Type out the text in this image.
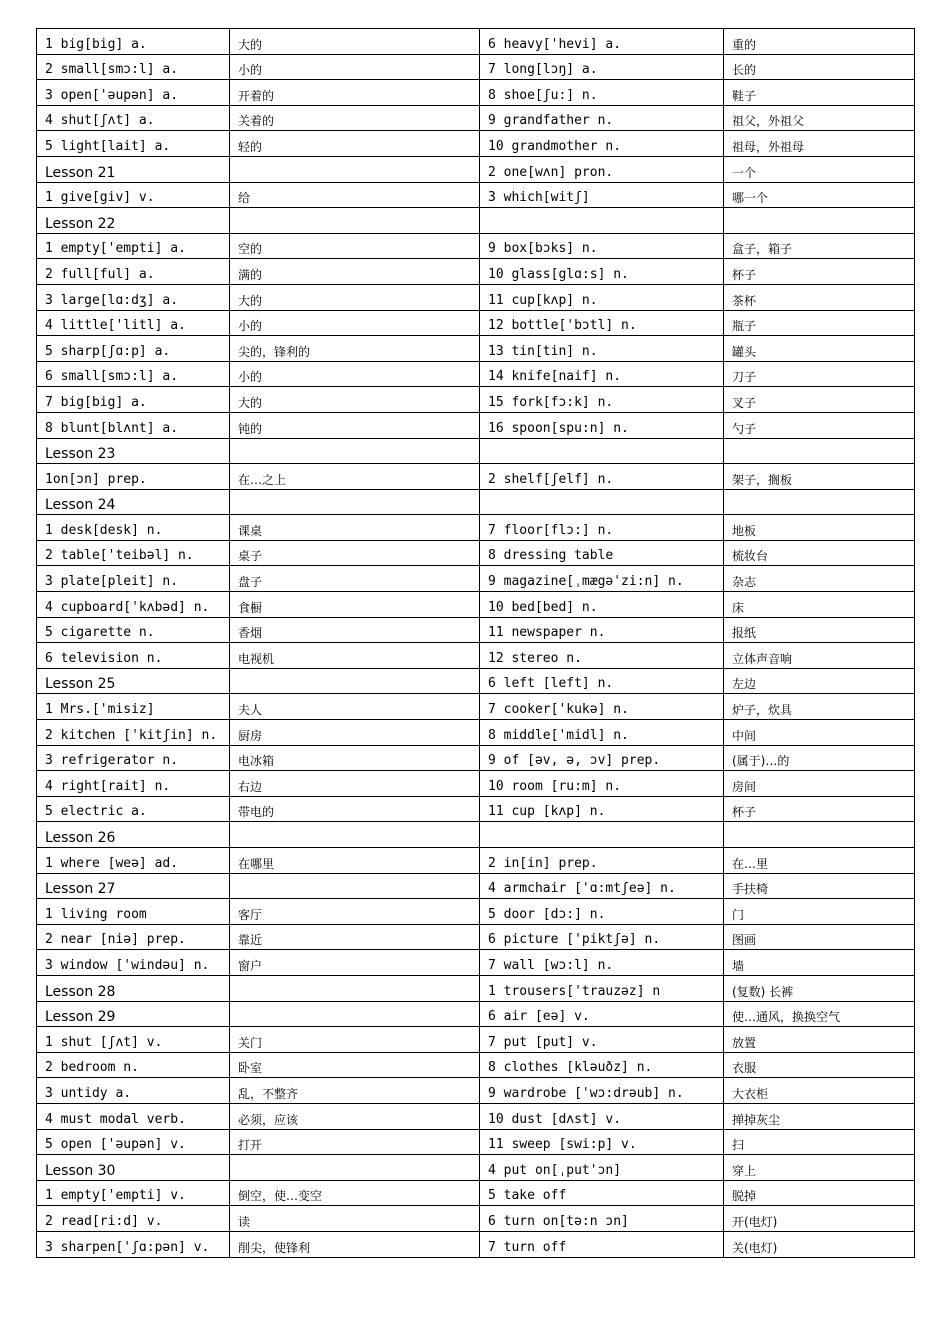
1 big[big] a.	大的	6 heavy['hevi] a.	重的
2 small[smɔ:l] a.	小的	7 long[lɔŋ] a.	长的
3 open['əupən] a.	开着的	8 shoe[ʃu:] n.	鞋子
4 shut[ʃʌt] a.	关着的	9 grandfather n.	祖父，外祖父
5 light[lait] a.	轻的	10 grandmother n.	祖母，外祖母
Lesson 21		2 one[wʌn] pron.	一个
1 give[giv] v.	给	3 which[witʃ]	哪一个
Lesson 22			
1 empty['empti] a.	空的	9 box[bɔks] n.	盒子，箱子
2 full[ful] a.	满的	10 glass[glɑ:s] n.	杯子
3 large[lɑ:dʒ] a.	大的	11 cup[kʌp] n.	茶杯
4 little['litl] a.	小的	12 bottle['bɔtl] n.	瓶子
5 sharp[ʃɑ:p] a.	尖的，锋利的	13 tin[tin] n.	罐头
6 small[smɔ:l] a.	小的	14 knife[naif] n.	刀子
7 big[big] a.	大的	15 fork[fɔ:k] n.	叉子
8 blunt[blʌnt] a.	钝的	16 spoon[spu:n] n.	勺子
Lesson 23			
1on[ɔn] prep.	在…之上	2 shelf[ʃelf] n.	架子，搁板
Lesson 24			
1 desk[desk] n.	课桌	7 floor[flɔ:] n.	地板
2 table['teibəl] n.	桌子	8 dressing table	梳妆台
3 plate[pleit] n.	盘子	9 magazine[ˌmægə'zi:n] n.	杂志
4 cupboard['kʌbəd] n.	食橱	10 bed[bed] n.	床
5 cigarette n.	香烟	11 newspaper n.	报纸
6 television n.	电视机	12 stereo n.	立体声音响
Lesson 25		6 left [left] n.	左边
1 Mrs.['misiz]	夫人	7 cooker['kukə] n.	炉子，炊具
2 kitchen ['kitʃin] n.	厨房	8 middle['midl] n.	中间
3 refrigerator n.	电冰箱	9 of [əv, ə, ɔv] prep.	(属于)…的
4 right[rait] n.	右边	10 room [ru:m] n.	房间
5 electric a.	带电的	11 cup [kʌp] n.	杯子
Lesson 26			
1 where [weə] ad.	在哪里	2 in[in] prep.	在…里
Lesson 27		4 armchair ['ɑ:mtʃeə] n.	手扶椅
1 living room	客厅	5 door [dɔ:] n.	门
2 near [niə] prep.	靠近	6 picture ['piktʃə] n.	图画
3 window ['windəu] n.	窗户	7 wall [wɔ:l] n.	墙
Lesson 28		1 trousers['trauzəz] n	(复数) 长裤
Lesson 29		6 air [eə] v.	使…通风，换换空气
1 shut [ʃʌt] v.	关门	7 put [put] v.	放置
2 bedroom n.	卧室	8 clothes [kləuðz] n.	衣服
3 untidy a.	乱，不整齐	9 wardrobe ['wɔ:drəub] n.	大衣柜
4 must modal verb.	必须，应该	10 dust [dʌst] v.	掸掉灰尘
5 open ['əupən] v.	打开	11 sweep [swi:p] v.	扫
Lesson 30		4 put on[ˌput'ɔn]	穿上
1 empty['empti] v.	倒空，使…变空	5 take off	脱掉
2 read[ri:d] v.	读	6 turn on[tə:n ɔn]	开(电灯)
3 sharpen['ʃɑ:pən] v.	削尖，使锋利	7 turn off	关(电灯)
